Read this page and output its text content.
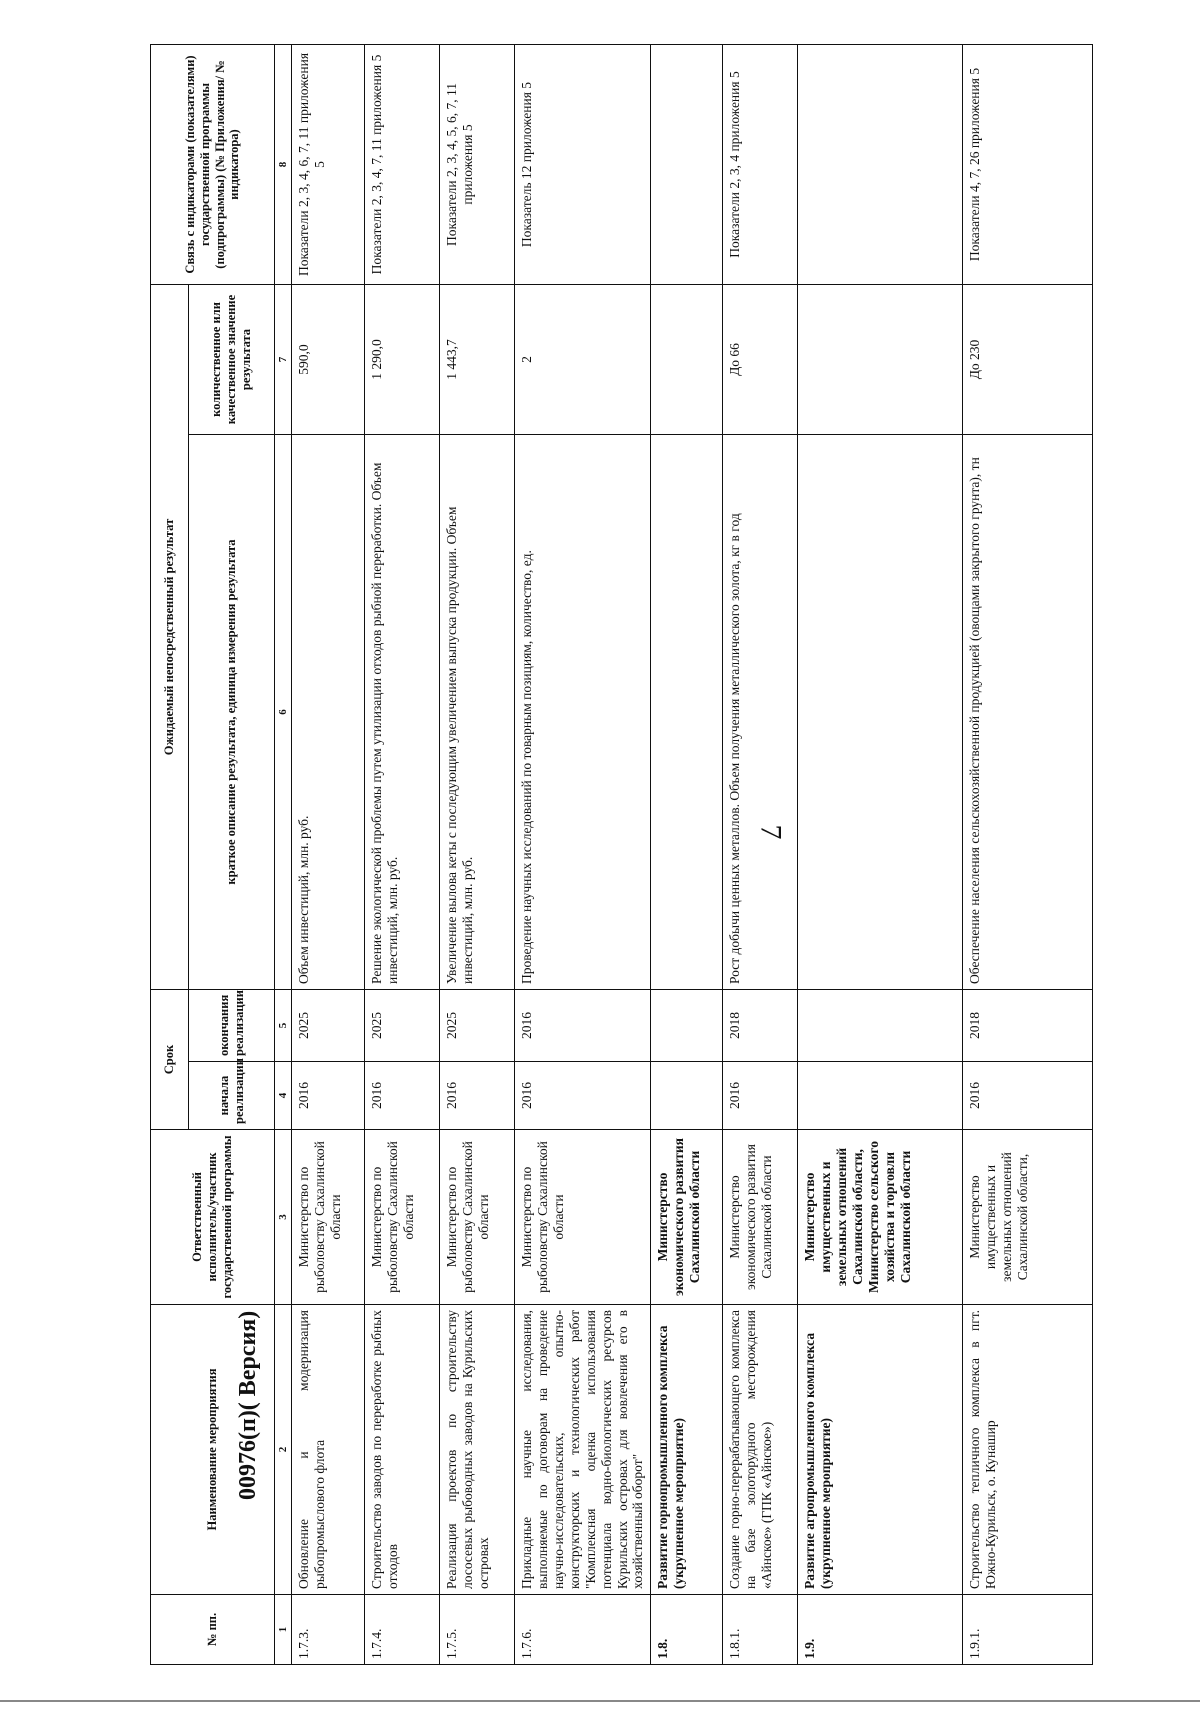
7
00976(п)( Версия)
№ пп.	Наименование мероприятия	Ответственный исполнитель/участник государственной программы	Срок		Ожидаемый непосредственный результат		Связь с индикаторами (показателями) государственной программы (подпрограммы) (№ Приложения/ № индикатора)
			начала реализации	окончания реализации	краткое описание результата, единица измерения результата	количественное или качественное значение результата	
1	2	3	4	5	6	7	8
1.7.3.	Обновление и модернизация рыбопромыслового флота	Министерство по рыболовству Сахалинской области	2016	2025	Объем инвестиций, млн. руб.	590,0	Показатели 2, 3, 4, 6, 7, 11 приложения 5
1.7.4.	Строительство заводов по переработке рыбных отходов	Министерство по рыболовству Сахалинской области	2016	2025	Решение экологической проблемы путем утилизации отходов рыбной переработки. Объем инвестиций, млн. руб.	1 290,0	Показатели 2, 3, 4, 7, 11 приложения 5
1.7.5.	Реализация проектов по строительству лососевых рыбоводных заводов на Курильских островах	Министерство по рыболовству Сахалинской области	2016	2025	Увеличение вылова кеты с последующим увеличением выпуска продукции. Объем инвестиций, млн. руб.	1 443,7	Показатели 2, 3, 4, 5, 6, 7, 11 приложения 5
1.7.6.	Прикладные научные исследования, выполняемые по договорам на проведение научно-исследовательских, опытно-конструкторских и технологических работ "Комплексная оценка использования потенциала водно-биологических ресурсов Курильских островах для вовлечения его в хозяйственный оборот"	Министерство по рыболовству Сахалинской области	2016	2016	Проведение научных исследований по товарным позициям, количество, ед.	2	Показатель 12 приложения 5
1.8.	Развитие горнопромышленного комплекса (укрупненное мероприятие)	Министерство экономического развития Сахалинской области					
1.8.1.	Создание горно-перерабатывающего комплекса на базе золоторудного месторождения «Айнское» (ГПК «Айнское»)	Министерство экономического развития Сахалинской области	2016	2018	Рост добычи ценных металлов. Объем получения металлического золота, кг в год	До 66	Показатели 2, 3, 4 приложения 5
1.9.	Развитие агропромышленного комплекса (укрупненное мероприятие)	Министерство имущественных и земельных отношений Сахалинской области, Министерство сельского хозяйства и торговли Сахалинской области					
1.9.1.	Строительство тепличного комплекса в пгт. Южно-Курильск, о. Кунашир	Министерство имущественных и земельных отношений Сахалинской области,	2016	2018	Обеспечение населения сельскохозяйственной продукцией (овощами закрытого грунта), тн	До 230	Показатели 4, 7, 26 приложения 5
